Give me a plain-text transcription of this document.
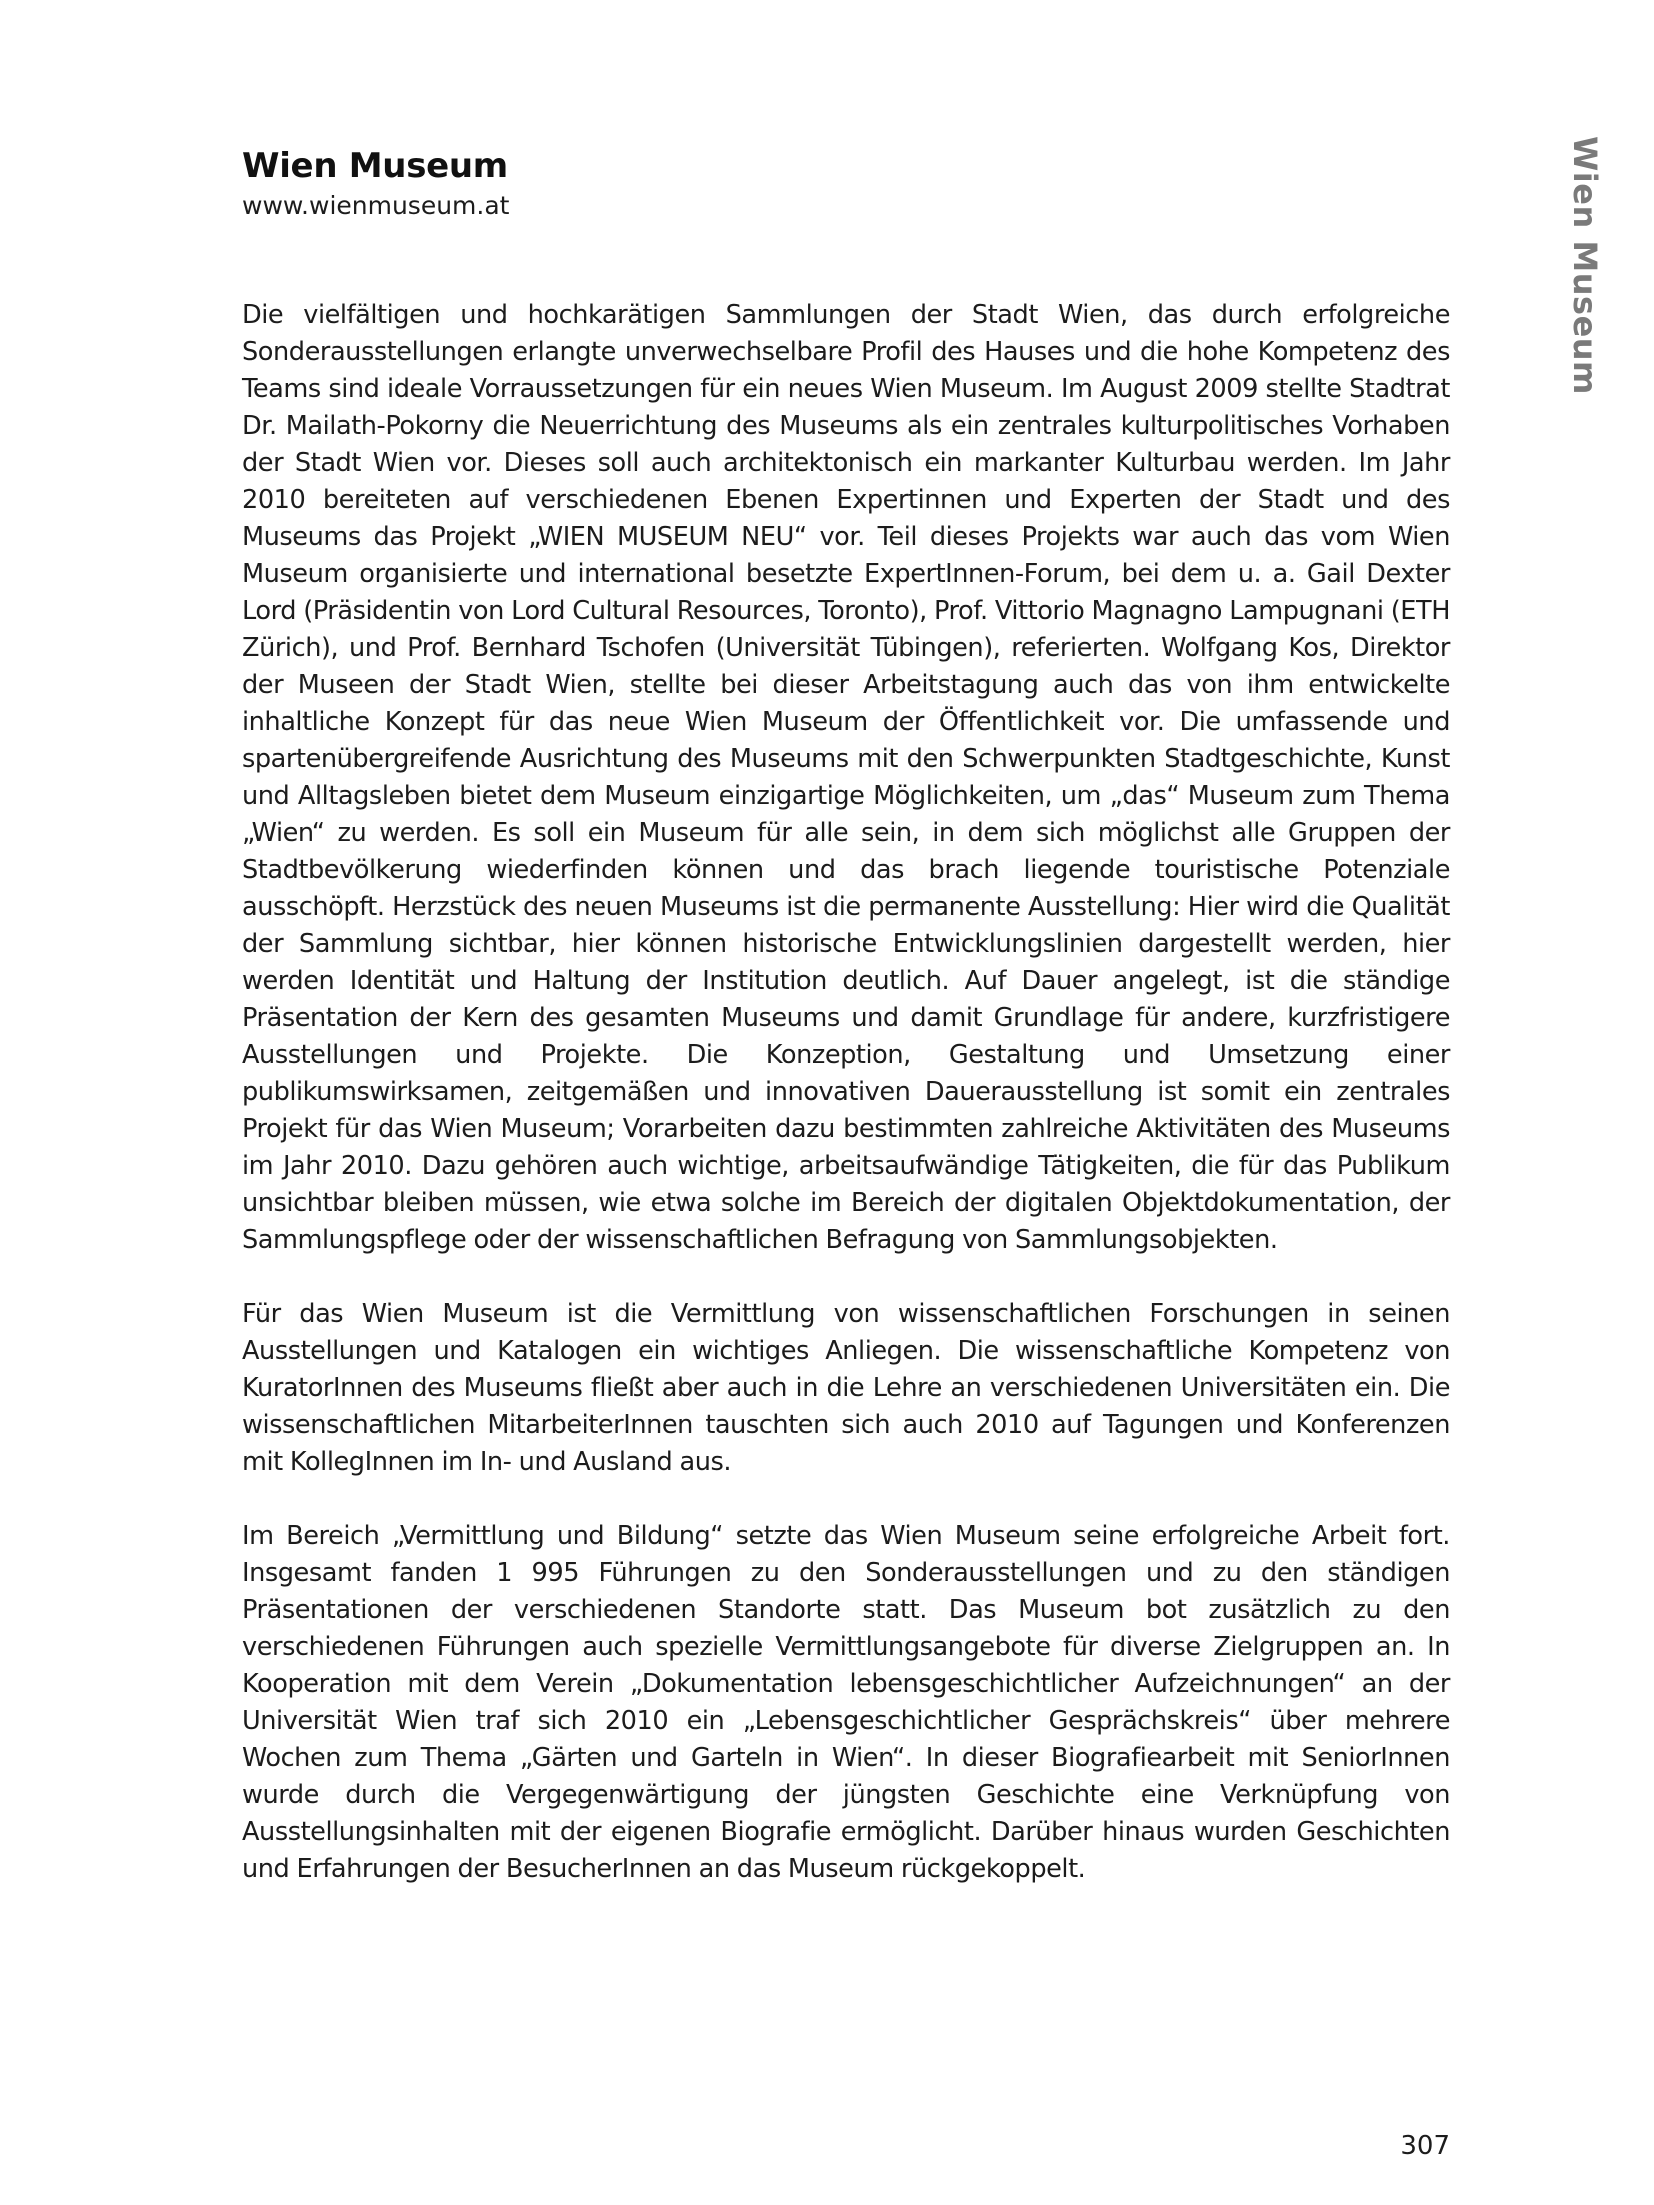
Wien Museum
www.wienmuseum.at	Wien Museum

Die vielfältigen und hochkarätigen Sammlungen der Stadt Wien, das durch erfolgreiche Sonderausstellungen erlangte unverwechselbare Profil des Hauses und die hohe Kompetenz des Teams sind ideale Vorraussetzungen für ein neues Wien Museum. Im August 2009 stellte Stadtrat Dr. Mailath-Pokorny die Neuerrichtung des Museums als ein zentrales kulturpolitisches Vorhaben der Stadt Wien vor. Dieses soll auch architektonisch ein markanter Kulturbau werden. Im Jahr 2010 bereiteten auf verschiedenen Ebenen Expertinnen und Experten der Stadt und des Museums das Projekt „WIEN MUSEUM NEU“ vor. Teil dieses Projekts war auch das vom Wien Museum organisierte und international besetzte ExpertInnen-Forum, bei dem u. a. Gail Dexter Lord (Präsidentin von Lord Cultural Resources, Toronto), Prof. Vittorio Magnagno Lampugnani (ETH Zürich), und Prof. Bernhard Tschofen (Universität Tübingen), referierten. Wolfgang Kos, Direktor der Museen der Stadt Wien, stellte bei dieser Arbeitstagung auch das von ihm entwickelte inhaltliche Konzept für das neue Wien Museum der Öffentlichkeit vor. Die umfassende und spartenübergreifende Ausrichtung des Museums mit den Schwerpunkten Stadtgeschichte, Kunst und Alltagsleben bietet dem Museum einzigartige Möglichkeiten, um „das“ Museum zum Thema „Wien“ zu werden. Es soll ein Museum für alle sein, in dem sich möglichst alle Gruppen der Stadtbevölkerung wiederfinden können und das brach liegende touristische Potenziale ausschöpft. Herzstück des neuen Museums ist die permanente Ausstellung: Hier wird die Qualität der Sammlung sichtbar, hier können historische Entwicklungslinien dargestellt werden, hier werden Identität und Haltung der Institution deutlich. Auf Dauer angelegt, ist die ständige Präsentation der Kern des gesamten Museums und damit Grundlage für andere, kurzfristigere Ausstellungen und Projekte. Die Konzeption, Gestaltung und Umsetzung einer publikumswirksamen, zeitgemäßen und innovativen Dauerausstellung ist somit ein zentrales Projekt für das Wien Museum; Vorarbeiten dazu bestimmten zahlreiche Aktivitäten des Museums im Jahr 2010. Dazu gehören auch wichtige, arbeitsaufwändige Tätigkeiten, die für das Publikum unsichtbar bleiben müssen, wie etwa solche im Bereich der digitalen Objektdokumentation, der Sammlungspflege oder der wissenschaftlichen Befragung von Sammlungsobjekten.

Für das Wien Museum ist die Vermittlung von wissenschaftlichen Forschungen in seinen Ausstellungen und Katalogen ein wichtiges Anliegen. Die wissenschaftliche Kompetenz von KuratorInnen des Museums fließt aber auch in die Lehre an verschiedenen Universitäten ein. Die wissenschaftlichen MitarbeiterInnen tauschten sich auch 2010 auf Tagungen und Konferenzen mit KollegInnen im In- und Ausland aus.

Im Bereich „Vermittlung und Bildung“ setzte das Wien Museum seine erfolgreiche Arbeit fort. Insgesamt fanden 1 995 Führungen zu den Sonderausstellungen und zu den ständigen Präsentationen der verschiedenen Standorte statt. Das Museum bot zusätzlich zu den verschiedenen Führungen auch spezielle Vermittlungsangebote für diverse Zielgruppen an. In Kooperation mit dem Verein „Dokumentation lebensgeschichtlicher Aufzeichnungen“ an der Universität Wien traf sich 2010 ein „Lebensgeschichtlicher Gesprächskreis“ über mehrere Wochen zum Thema „Gärten und Garteln in Wien“. In dieser Biografiearbeit mit SeniorInnen wurde durch die Vergegenwärtigung der jüngsten Geschichte eine Verknüpfung von Ausstellungsinhalten mit der eigenen Biografie ermöglicht. Darüber hinaus wurden Geschichten und Erfahrungen der BesucherInnen an das Museum rückgekoppelt.

307
